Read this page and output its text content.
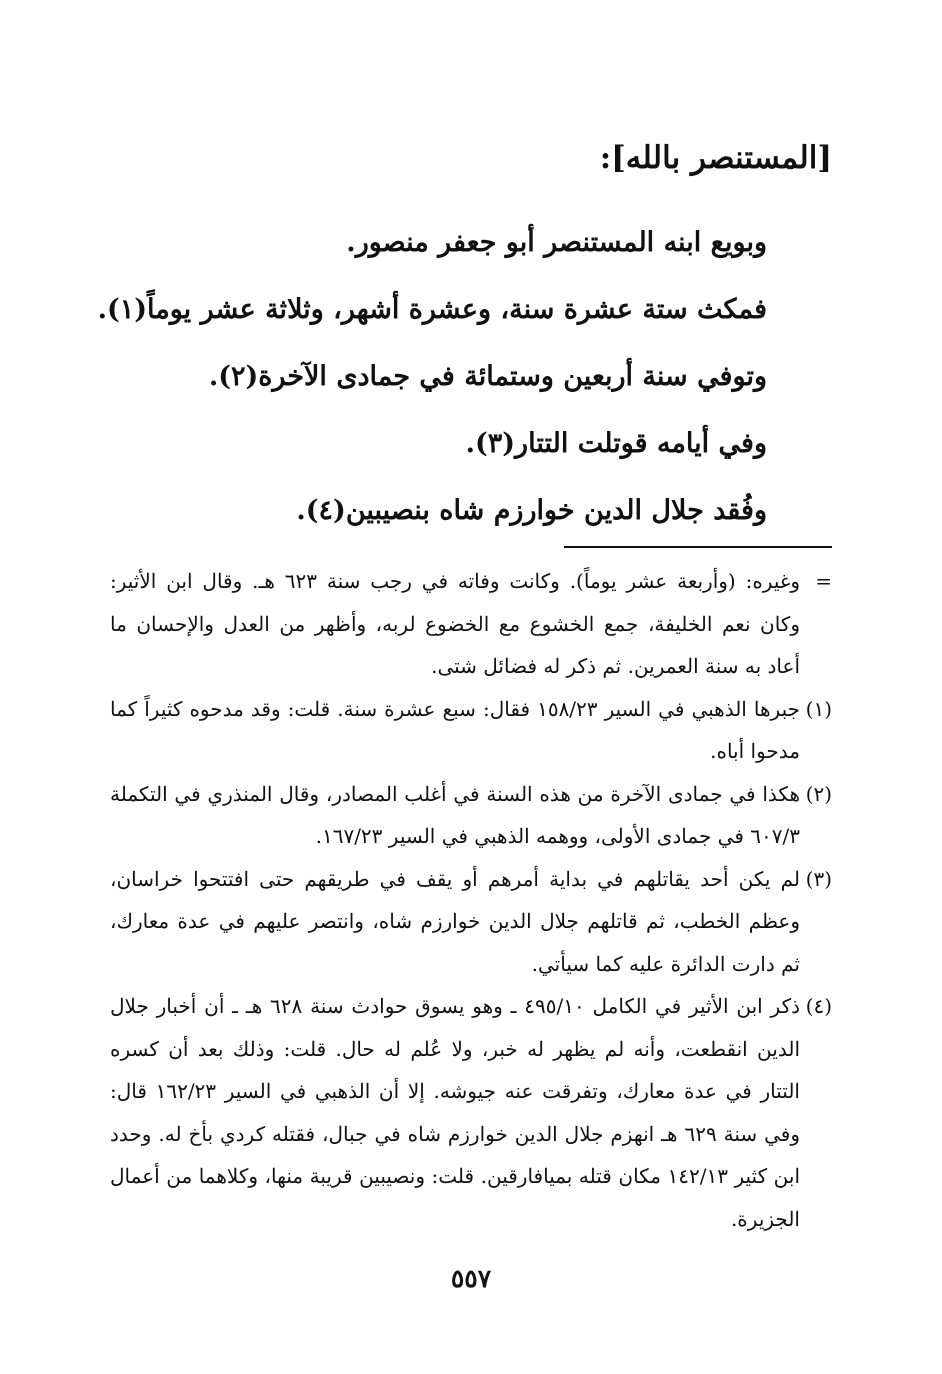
[المستنصر بالله]:
وبويع ابنه المستنصر أبو جعفر منصور.
فمكث ستة عشرة سنة، وعشرة أشهر، وثلاثة عشر يوماً(١).
وتوفي سنة أربعين وستمائة في جمادى الآخرة(٢).
وفي أيامه قوتلت التتار(٣).
وفُقد جلال الدين خوارزم شاه بنصيبين(٤).
=
وغيره: (وأربعة عشر يوماً). وكانت وفاته في رجب سنة ٦٢٣ هـ. وقال ابن الأثير: وكان نعم الخليفة، جمع الخشوع مع الخضوع لربه، وأظهر من العدل والإحسان ما أعاد به سنة العمرين. ثم ذكر له فضائل شتى.
(١)
جبرها الذهبي في السير ١٥٨/٢٣ فقال: سبع عشرة سنة. قلت: وقد مدحوه كثيراً كما مدحوا أباه.
(٢)
هكذا في جمادى الآخرة من هذه السنة في أغلب المصادر، وقال المنذري في التكملة ٦٠٧/٣ في جمادى الأولى، ووهمه الذهبي في السير ١٦٧/٢٣.
(٣)
لم يكن أحد يقاتلهم في بداية أمرهم أو يقف في طريقهم حتى افتتحوا خراسان، وعظم الخطب، ثم قاتلهم جلال الدين خوارزم شاه، وانتصر عليهم في عدة معارك، ثم دارت الدائرة عليه كما سيأتي.
(٤)
ذكر ابن الأثير في الكامل ٤٩٥/١٠ ـ وهو يسوق حوادث سنة ٦٢٨ هـ ـ أن أخبار جلال الدين انقطعت، وأنه لم يظهر له خبر، ولا عُلم له حال. قلت: وذلك بعد أن كسره التتار في عدة معارك، وتفرقت عنه جيوشه. إلا أن الذهبي في السير ١٦٢/٢٣ قال: وفي سنة ٦٢٩ هـ انهزم جلال الدين خوارزم شاه في جبال، فقتله كردي بأخ له. وحدد ابن كثير ١٤٢/١٣ مكان قتله بميافارقين. قلت: ونصيبين قريبة منها، وكلاهما من أعمال الجزيرة.
٥٥٧
